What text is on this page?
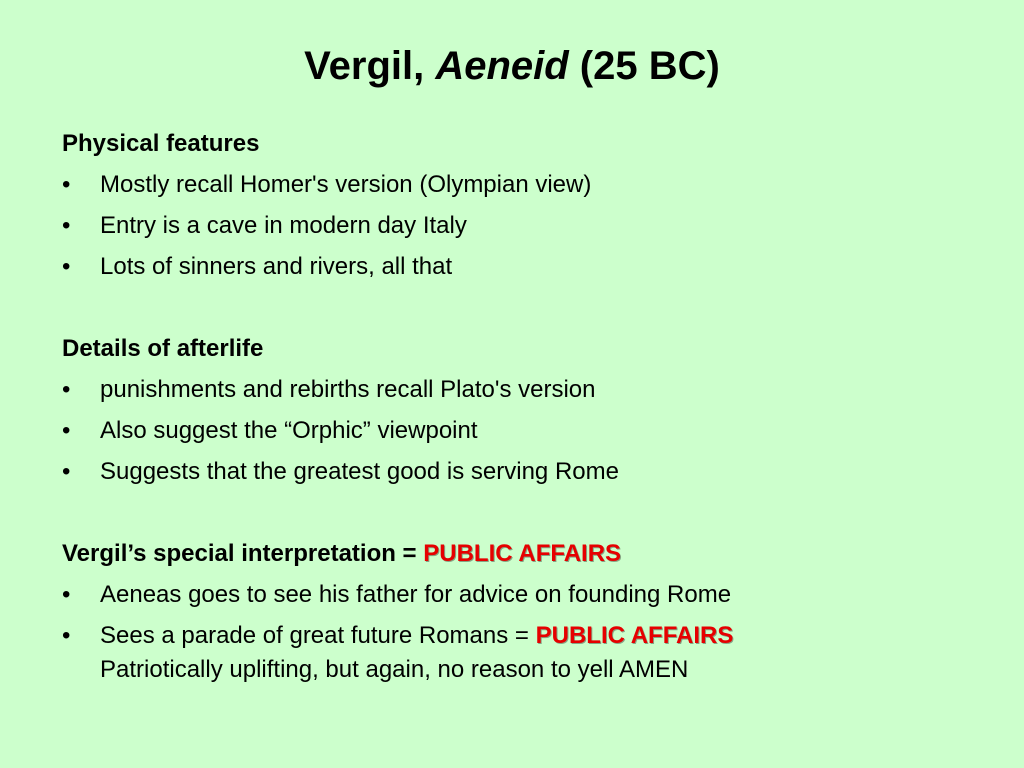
Vergil, Aeneid (25 BC)
Physical features
•	Mostly recall Homer's version (Olympian view)
•	Entry is a cave in modern day Italy
•	Lots of sinners and rivers, all that
Details of afterlife
•	punishments and rebirths recall Plato's version
•	Also suggest the “Orphic” viewpoint
•	Suggests that the greatest good is serving Rome
Vergil’s special interpretation = PUBLIC AFFAIRS
•	Aeneas goes to see his father for advice on founding Rome
•	Sees a parade of great future Romans = PUBLIC AFFAIRS
Patriotically uplifting, but again, no reason to yell AMEN
